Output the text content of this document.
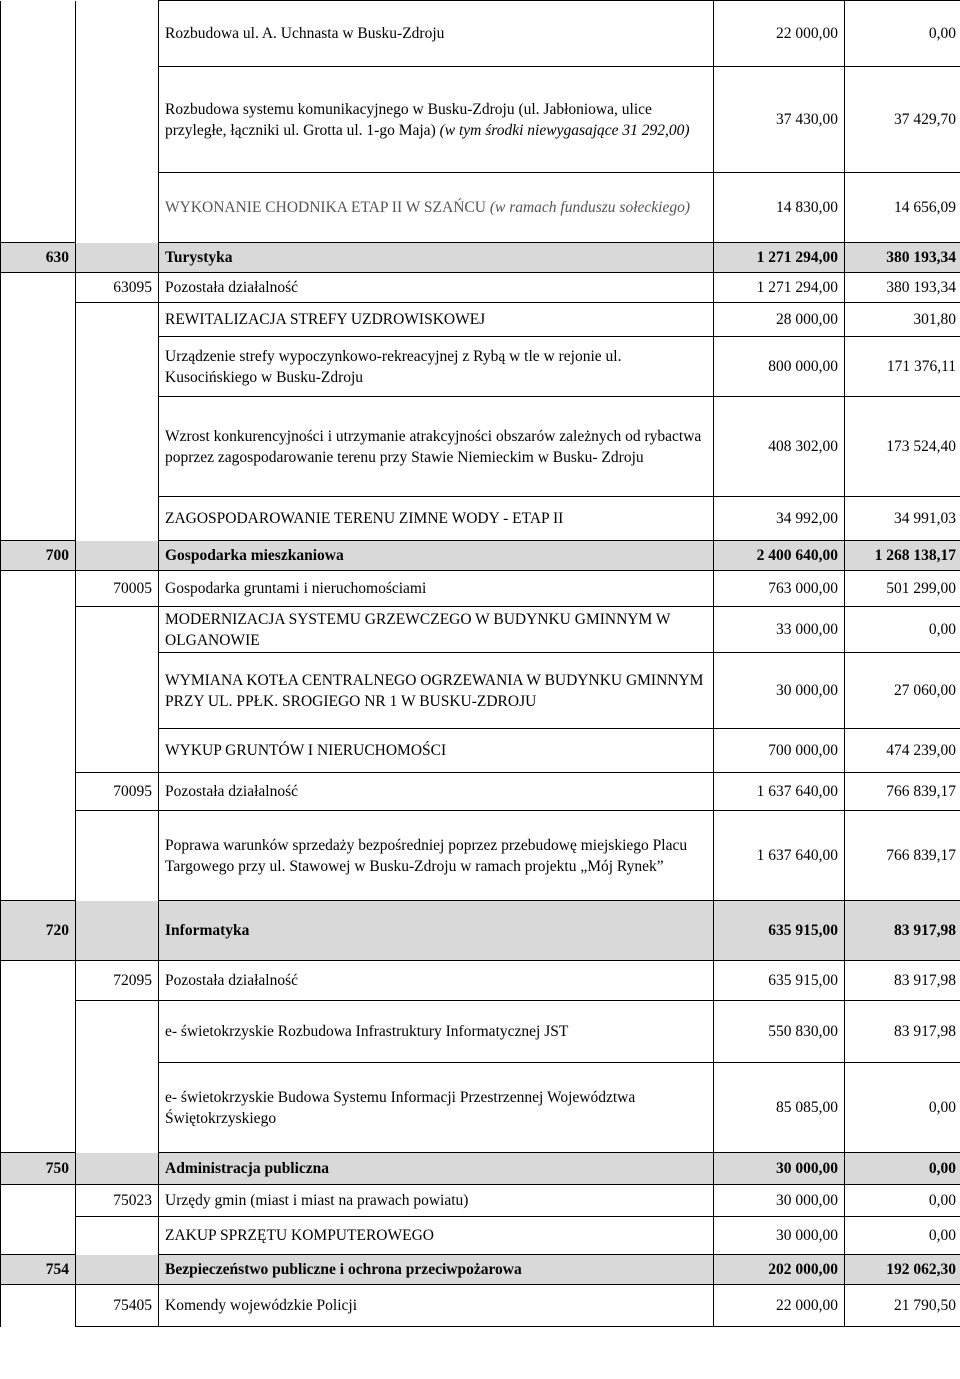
		Rozbudowa ul. A. Uchnasta w Busku-Zdroju	22 000,00	0,00
		Rozbudowa systemu komunikacyjnego w Busku-Zdroju (ul. Jabłoniowa, ulice przyległe, łączniki ul. Grotta ul. 1-go Maja) (w tym środki niewygasające 31 292,00)	37 430,00	37 429,70
		WYKONANIE CHODNIKA ETAP II W SZAŃCU (w ramach funduszu sołeckiego)	14 830,00	14 656,09
630		Turystyka	1 271 294,00	380 193,34
	63095	Pozostała działalność	1 271 294,00	380 193,34
		REWITALIZACJA STREFY UZDROWISKOWEJ	28 000,00	301,80
		Urządzenie strefy wypoczynkowo-rekreacyjnej z Rybą w tle w rejonie ul. Kusocińskiego w Busku-Zdroju	800 000,00	171 376,11
		Wzrost konkurencyjności i utrzymanie atrakcyjności obszarów zależnych od rybactwa poprzez zagospodarowanie terenu przy Stawie Niemieckim w Busku- Zdroju	408 302,00	173 524,40
		ZAGOSPODAROWANIE TERENU ZIMNE WODY - ETAP II	34 992,00	34 991,03
700		Gospodarka mieszkaniowa	2 400 640,00	1 268 138,17
	70005	Gospodarka gruntami i nieruchomościami	763 000,00	501 299,00
		MODERNIZACJA SYSTEMU GRZEWCZEGO W BUDYNKU GMINNYM W OLGANOWIE	33 000,00	0,00
		WYMIANA KOTŁA CENTRALNEGO OGRZEWANIA W BUDYNKU GMINNYM PRZY UL. PPŁK. SROGIEGO NR 1 W BUSKU-ZDROJU	30 000,00	27 060,00
		WYKUP GRUNTÓW I NIERUCHOMOŚCI	700 000,00	474 239,00
	70095	Pozostała działalność	1 637 640,00	766 839,17
		Poprawa warunków sprzedaży bezpośredniej poprzez przebudowę miejskiego Placu Targowego przy ul. Stawowej w Busku-Zdroju w ramach projektu „Mój Rynek”	1 637 640,00	766 839,17
720		Informatyka	635 915,00	83 917,98
	72095	Pozostała działalność	635 915,00	83 917,98
		e- świetokrzyskie Rozbudowa Infrastruktury Informatycznej JST	550 830,00	83 917,98
		e- świetokrzyskie Budowa Systemu Informacji Przestrzennej Województwa Świętokrzyskiego	85 085,00	0,00
750		Administracja publiczna	30 000,00	0,00
	75023	Urzędy gmin (miast i miast na prawach powiatu)	30 000,00	0,00
		ZAKUP SPRZĘTU KOMPUTEROWEGO	30 000,00	0,00
754		Bezpieczeństwo publiczne i ochrona przeciwpożarowa	202 000,00	192 062,30
	75405	Komendy wojewódzkie Policji	22 000,00	21 790,50
